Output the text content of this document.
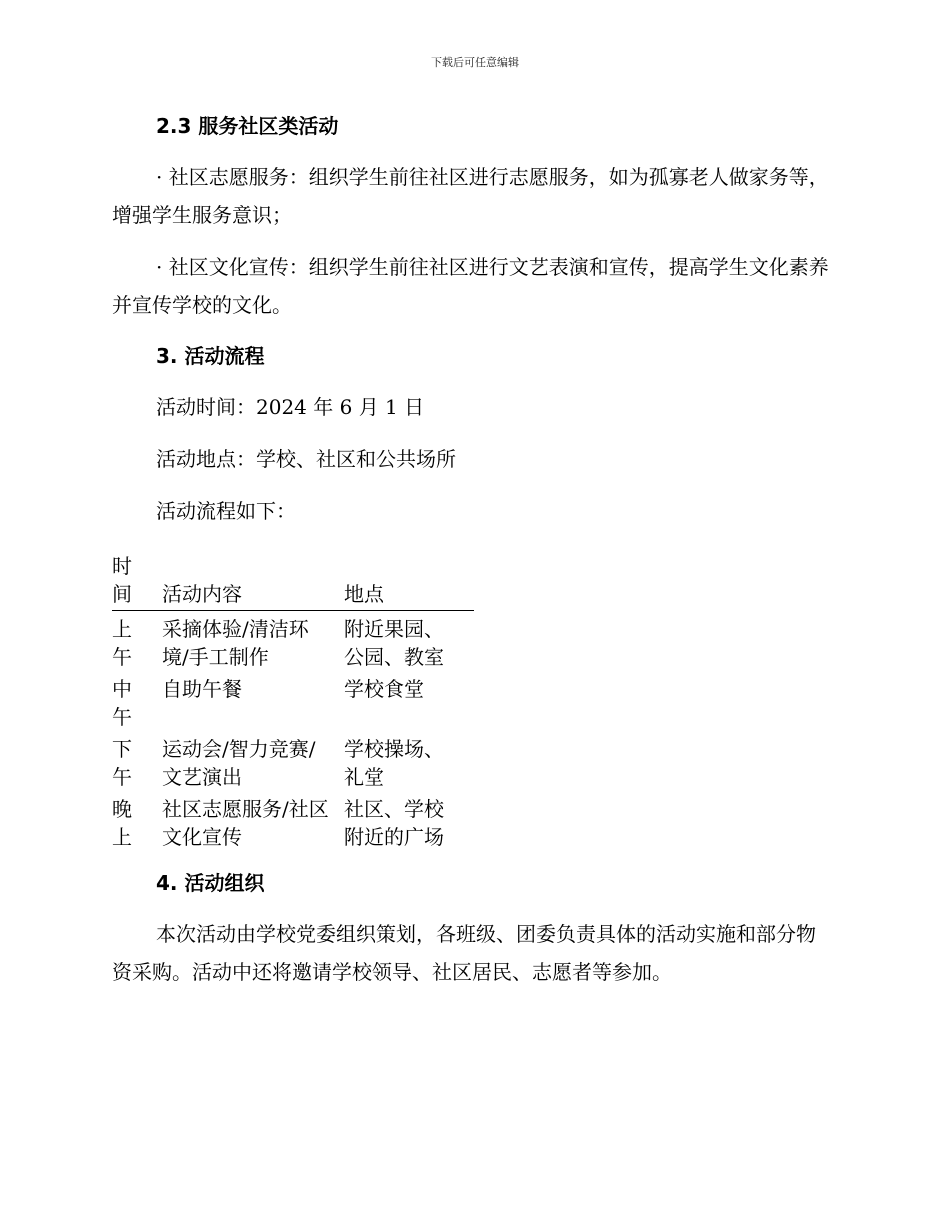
下载后可任意编辑
2.3 服务社区类活动

· 社区志愿服务：组织学生前往社区进行志愿服务，如为孤寡老人做家务等，增强学生服务意识；

· 社区文化宣传：组织学生前往社区进行文艺表演和宣传，提高学生文化素养并宣传学校的文化。

3. 活动流程

活动时间：2024 年 6 月 1 日

活动地点：学校、社区和公共场所

活动流程如下：

时间	活动内容	地点
上午	采摘体验/清洁环境/手工制作	附近果园、公园、教室
中午	自助午餐	学校食堂
下午	运动会/智力竞赛/文艺演出	学校操场、礼堂
晚上	社区志愿服务/社区文化宣传	社区、学校附近的广场
4. 活动组织

本次活动由学校党委组织策划，各班级、团委负责具体的活动实施和部分物资采购。活动中还将邀请学校领导、社区居民、志愿者等参加。
